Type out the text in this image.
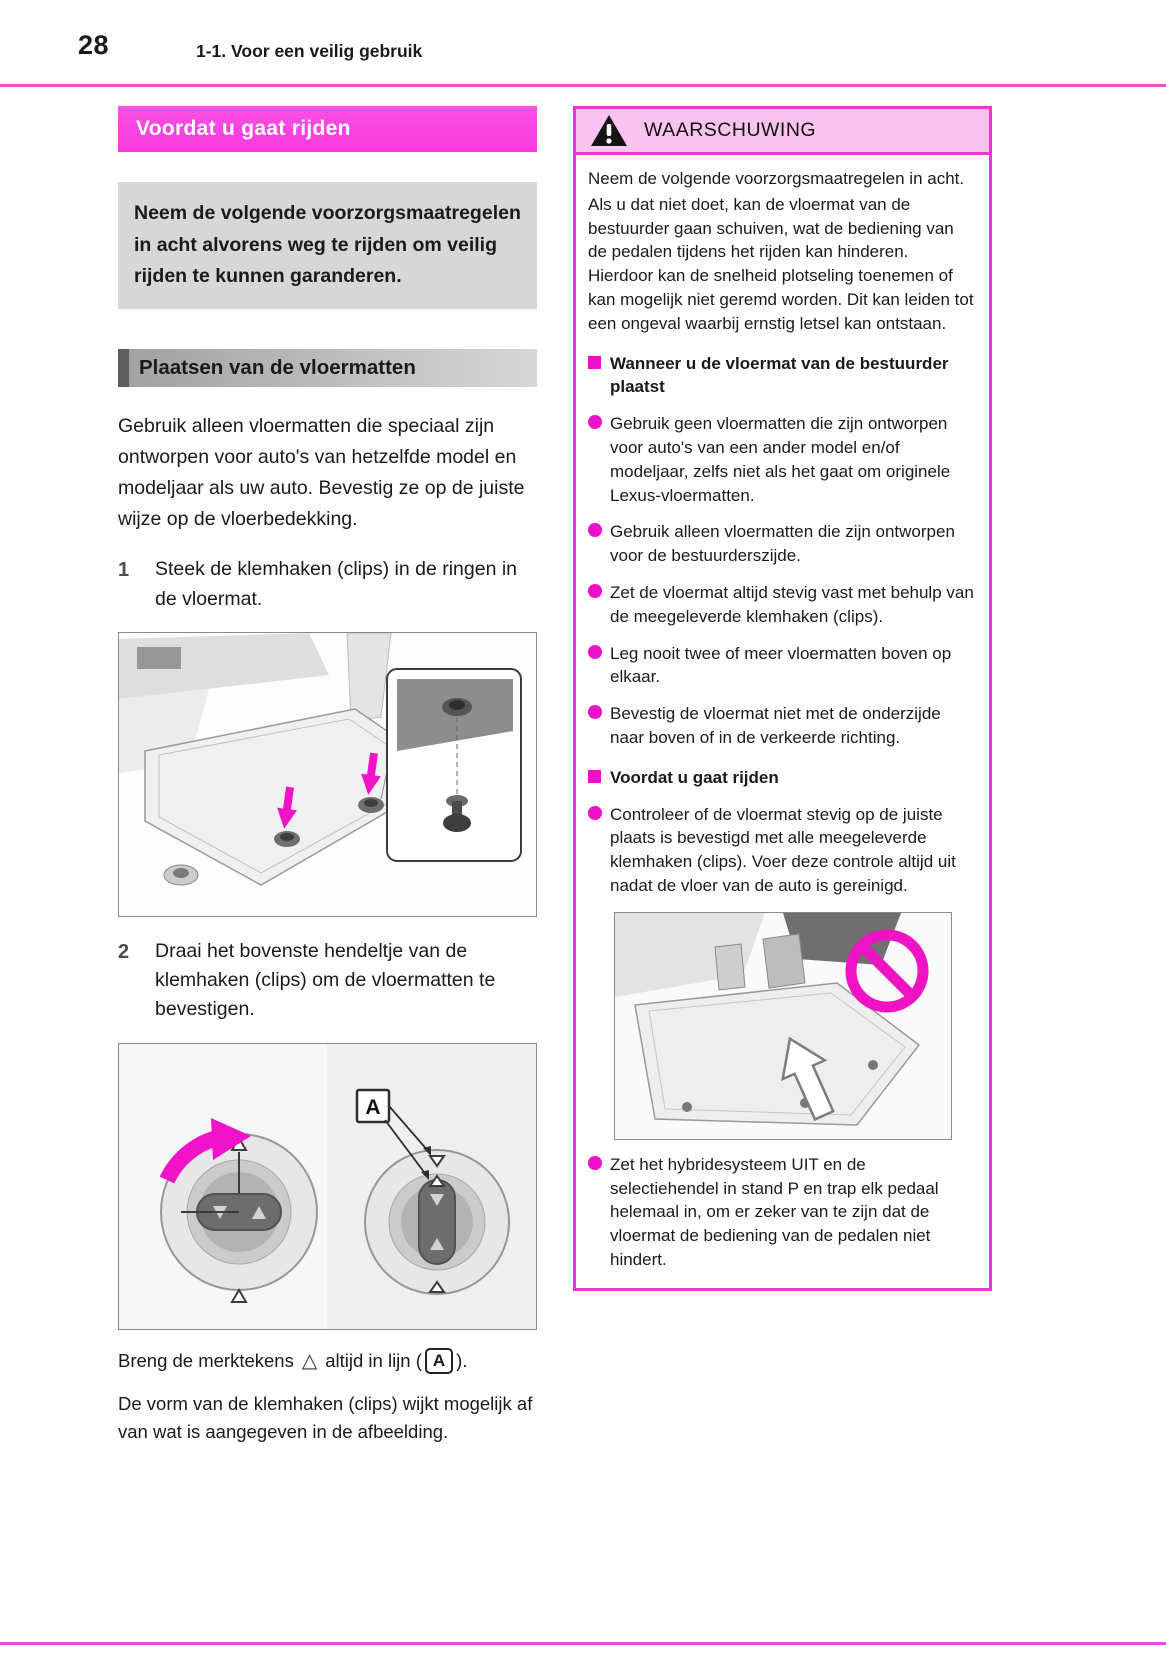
28	1-1. Voor een veilig gebruik
Voordat u gaat rijden
Neem de volgende voorzorgsmaatregelen in acht alvorens weg te rijden om veilig rijden te kunnen garanderen.
Plaatsen van de vloermatten
Gebruik alleen vloermatten die speciaal zijn ontworpen voor auto's van hetzelfde model en modeljaar als uw auto. Bevestig ze op de juiste wijze op de vloerbedekking.
1	Steek de klemhaken (clips) in de ringen in de vloermat.
2	Draai het bovenste hendeltje van de klemhaken (clips) om de vloermatten te bevestigen.
A
Breng de merktekens △ altijd in lijn ( A ).
De vorm van de klemhaken (clips) wijkt mogelijk af van wat is aangegeven in de afbeelding.
WAARSCHUWING
Neem de volgende voorzorgsmaatregelen in acht.
Als u dat niet doet, kan de vloermat van de bestuurder gaan schuiven, wat de bediening van de pedalen tijdens het rijden kan hinderen. Hierdoor kan de snelheid plotseling toenemen of kan mogelijk niet geremd worden. Dit kan leiden tot een ongeval waarbij ernstig letsel kan ontstaan.
Wanneer u de vloermat van de bestuurder plaatst
Gebruik geen vloermatten die zijn ontworpen voor auto's van een ander model en/of modeljaar, zelfs niet als het gaat om originele Lexus-vloermatten.
Gebruik alleen vloermatten die zijn ontworpen voor de bestuurderszijde.
Zet de vloermat altijd stevig vast met behulp van de meegeleverde klemhaken (clips).
Leg nooit twee of meer vloermatten boven op elkaar.
Bevestig de vloermat niet met de onderzijde naar boven of in de verkeerde richting.
Voordat u gaat rijden
Controleer of de vloermat stevig op de juiste plaats is bevestigd met alle meegeleverde klemhaken (clips). Voer deze controle altijd uit nadat de vloer van de auto is gereinigd.
Zet het hybridesysteem UIT en de selectiehendel in stand P en trap elk pedaal helemaal in, om er zeker van te zijn dat de vloermat de bediening van de pedalen niet hindert.
